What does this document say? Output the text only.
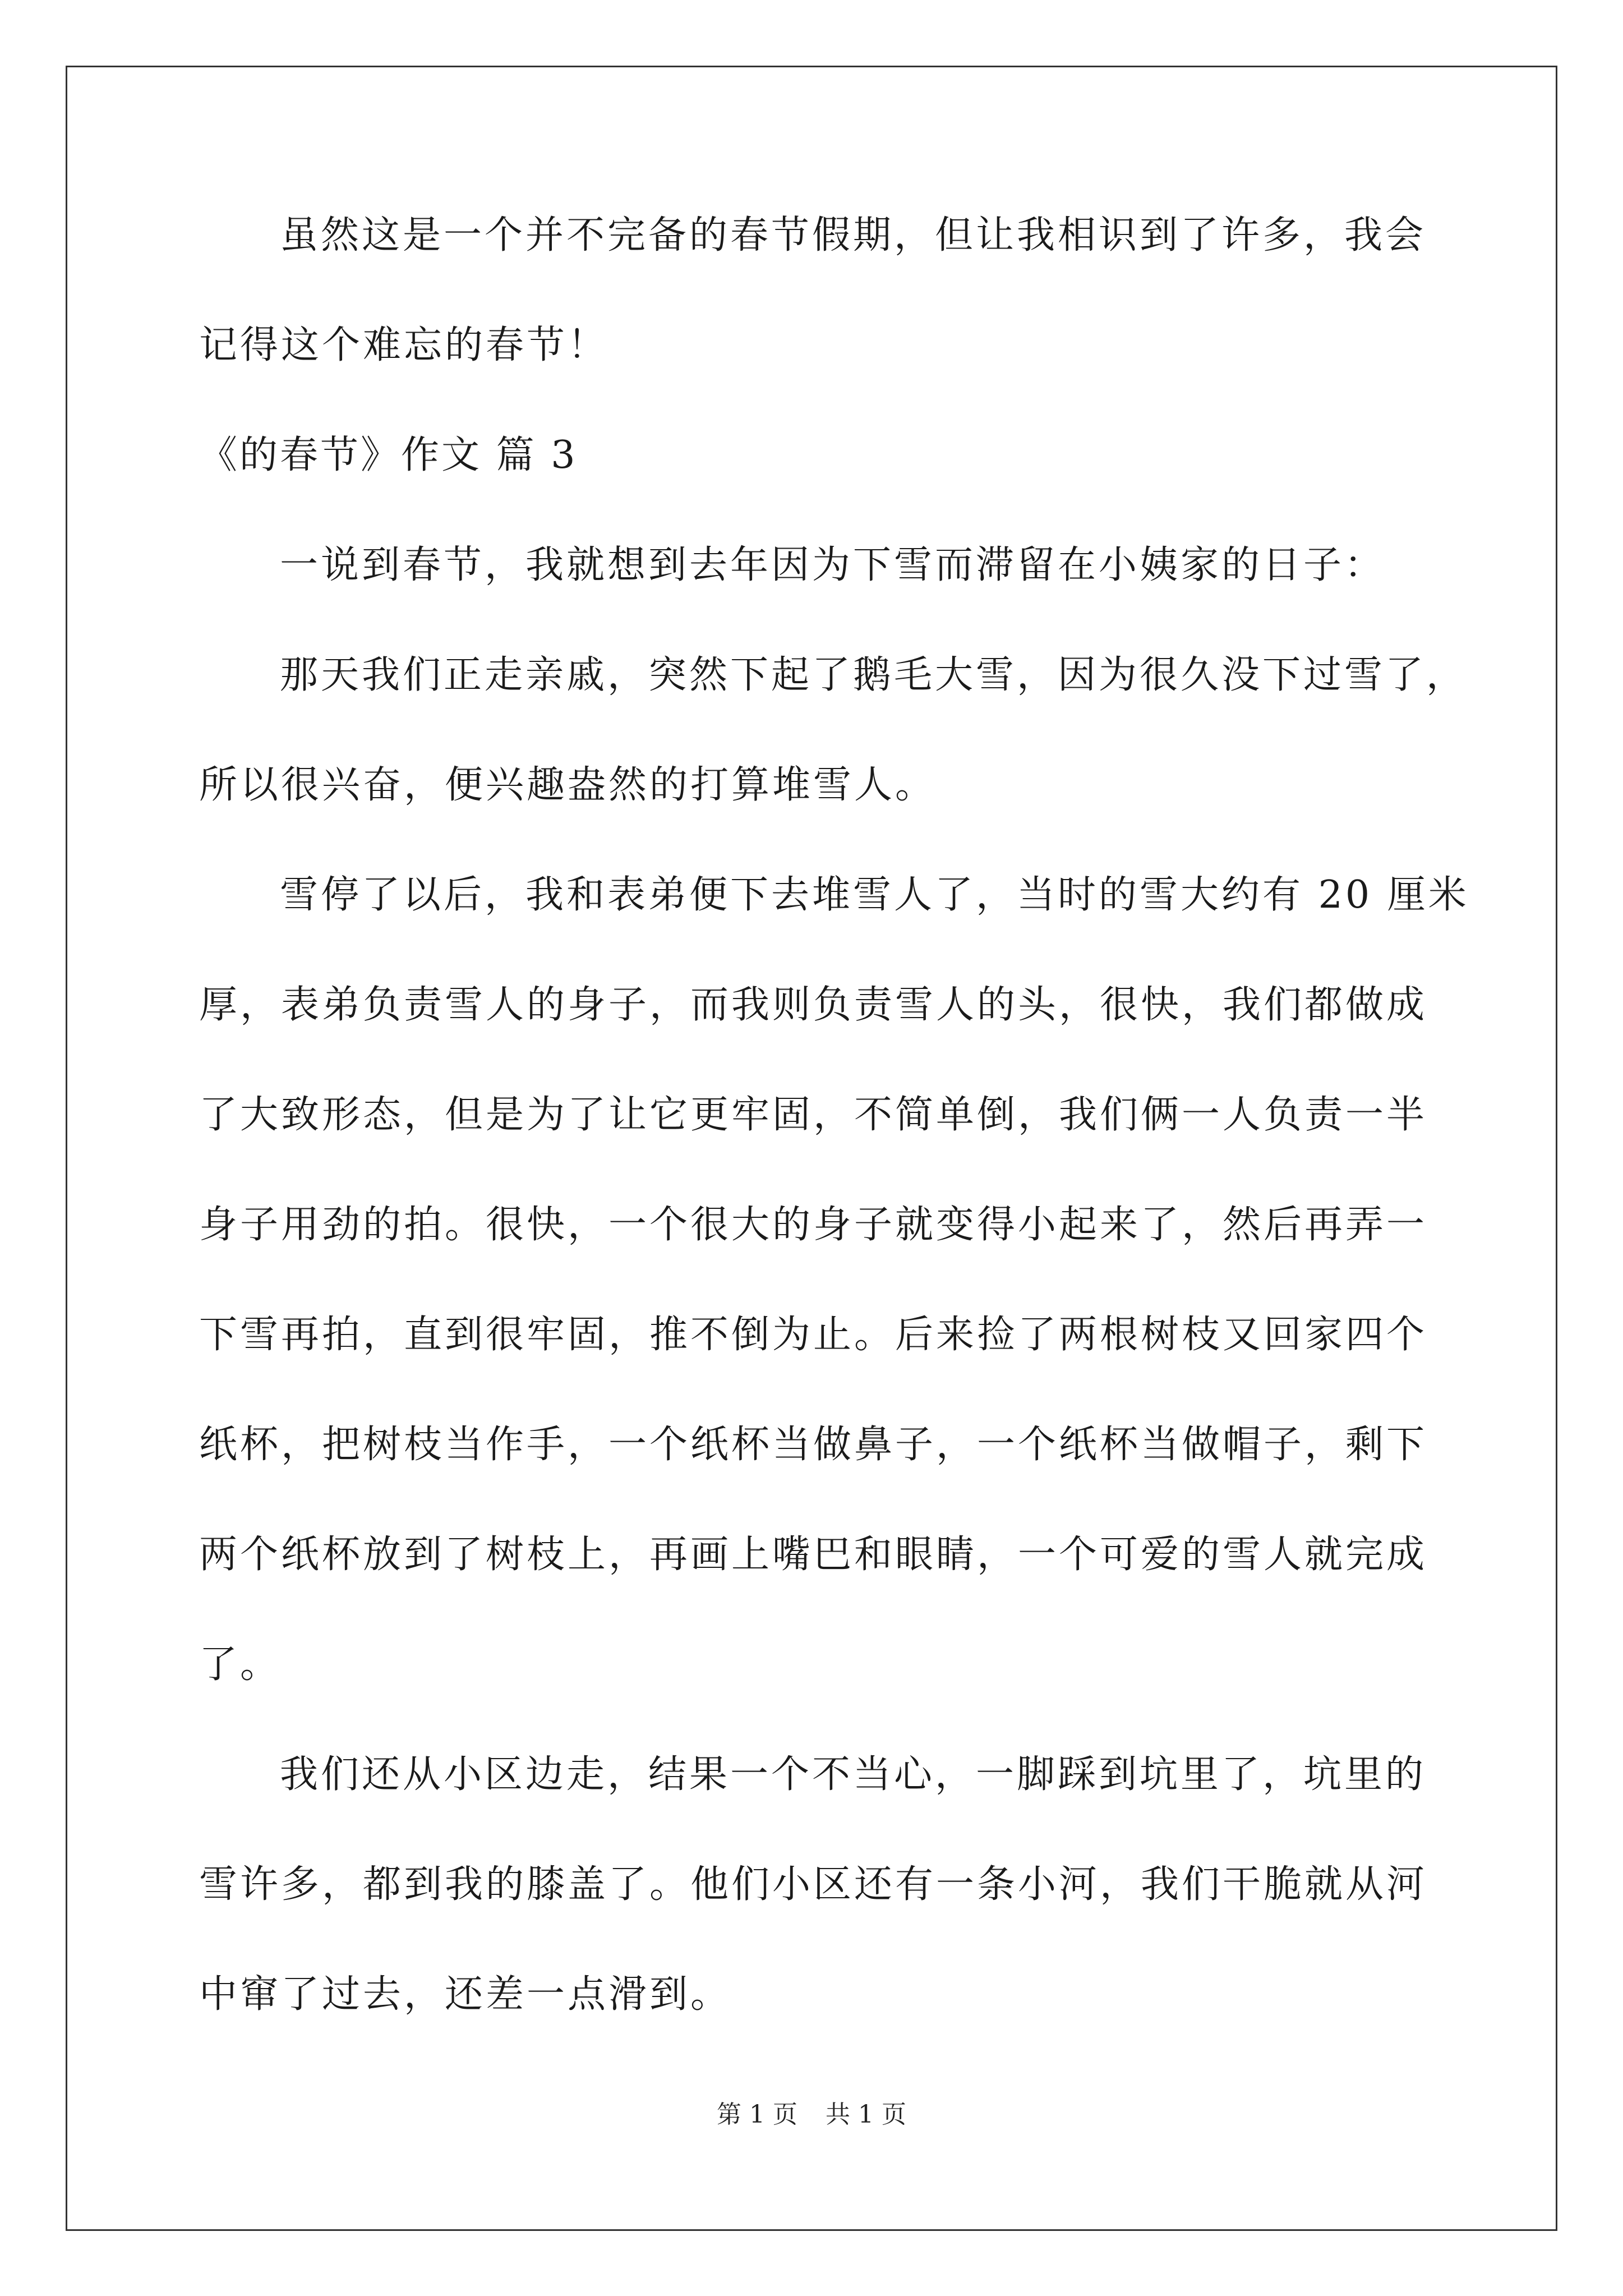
虽然这是一个并不完备的春节假期，但让我相识到了许多，我会
记得这个难忘的春节！
《的春节》作文 篇 3
一说到春节，我就想到去年因为下雪而滞留在小姨家的日子：
那天我们正走亲戚，突然下起了鹅毛大雪，因为很久没下过雪了，
所以很兴奋，便兴趣盎然的打算堆雪人。
雪停了以后，我和表弟便下去堆雪人了，当时的雪大约有 20 厘米
厚，表弟负责雪人的身子，而我则负责雪人的头，很快，我们都做成
了大致形态，但是为了让它更牢固，不简单倒，我们俩一人负责一半
身子用劲的拍。很快，一个很大的身子就变得小起来了，然后再弄一
下雪再拍，直到很牢固，推不倒为止。后来捡了两根树枝又回家四个
纸杯，把树枝当作手，一个纸杯当做鼻子，一个纸杯当做帽子，剩下
两个纸杯放到了树枝上，再画上嘴巴和眼睛，一个可爱的雪人就完成
了。
我们还从小区边走，结果一个不当心，一脚踩到坑里了，坑里的
雪许多，都到我的膝盖了。他们小区还有一条小河，我们干脆就从河
中窜了过去，还差一点滑到。
第 1 页 共 1 页
